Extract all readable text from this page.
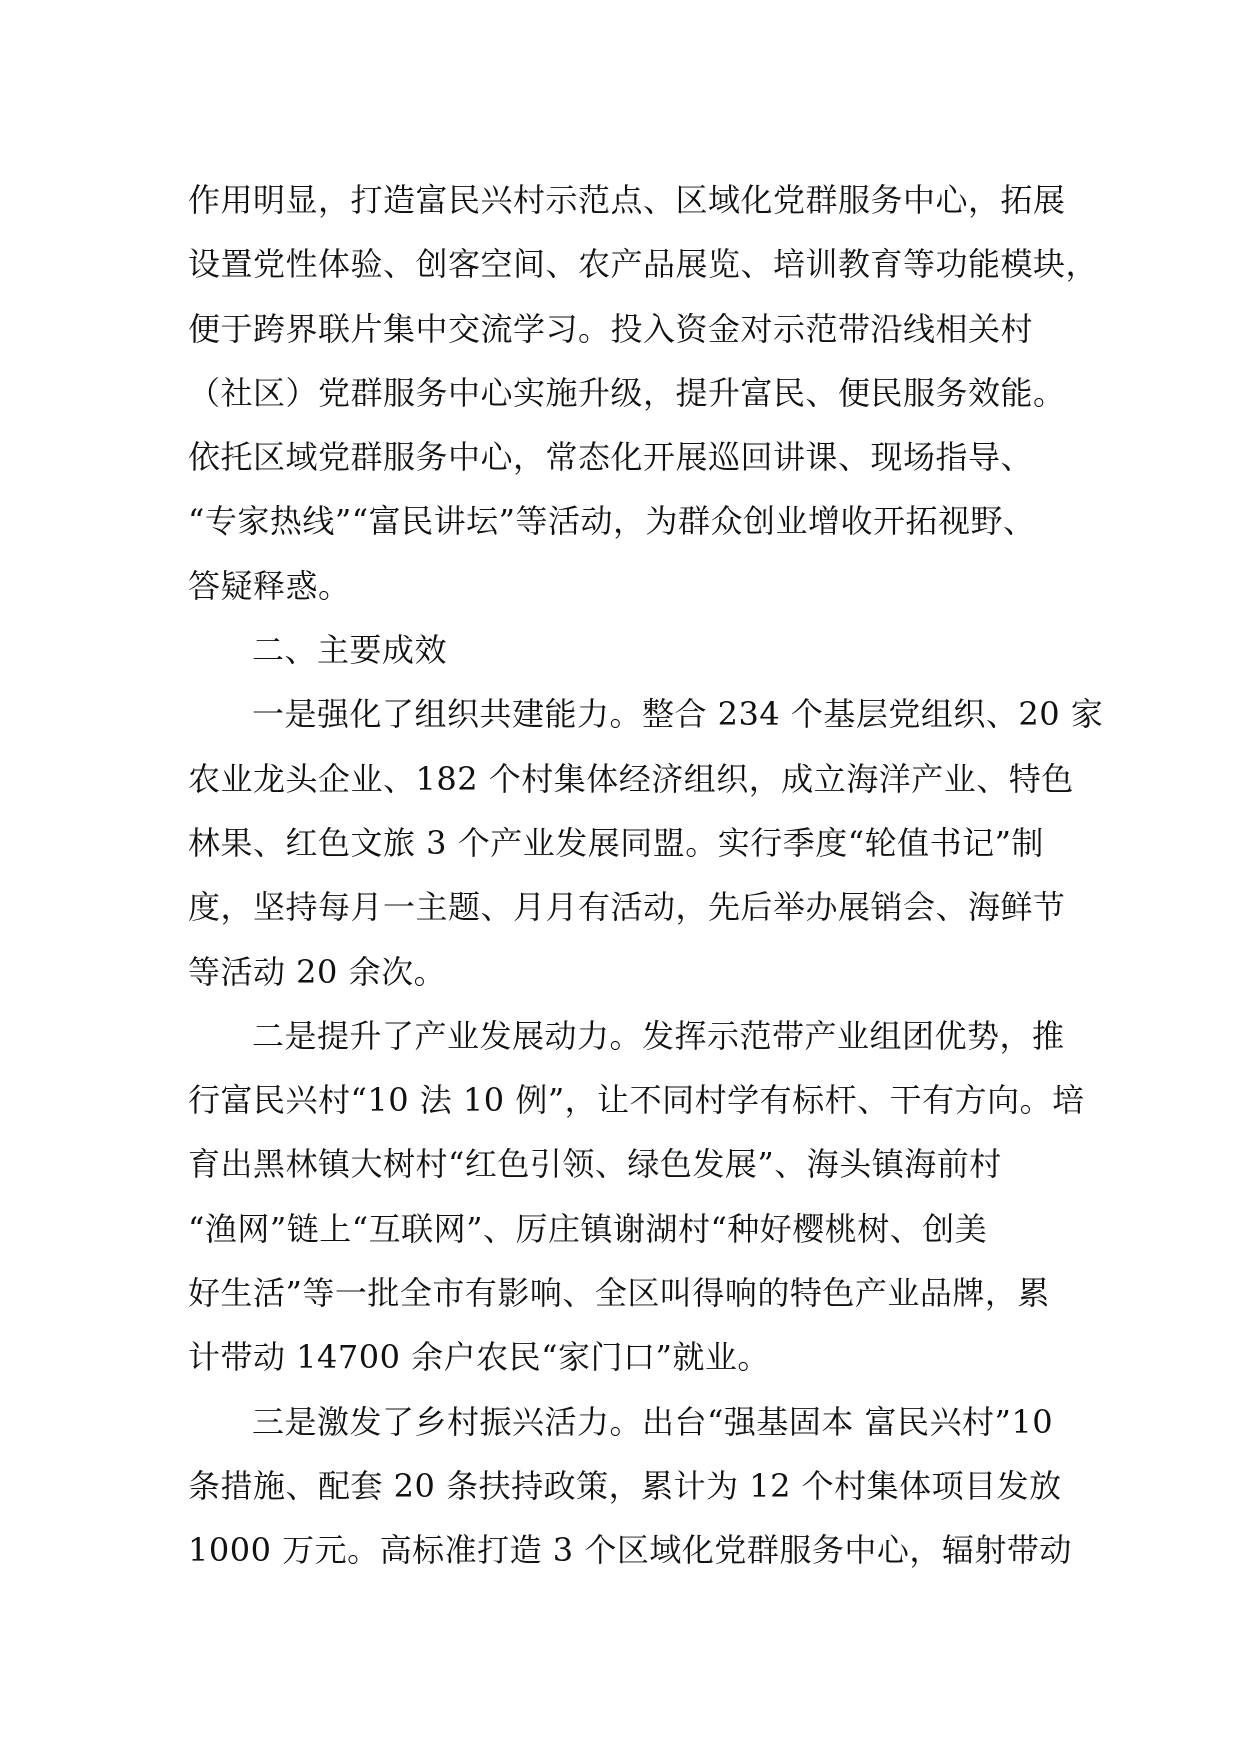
作用明显，打造富民兴村示范点、区域化党群服务中心，拓展
设置党性体验、创客空间、农产品展览、培训教育等功能模块，
便于跨界联片集中交流学习。投入资金对示范带沿线相关村
（社区）党群服务中心实施升级，提升富民、便民服务效能。
依托区域党群服务中心，常态化开展巡回讲课、现场指导、
“专家热线”“富民讲坛”等活动，为群众创业增收开拓视野、
答疑释惑。
二、主要成效
一是强化了组织共建能力。整合 234 个基层党组织、20 家
农业龙头企业、182 个村集体经济组织，成立海洋产业、特色
林果、红色文旅 3 个产业发展同盟。实行季度“轮值书记”制
度，坚持每月一主题、月月有活动，先后举办展销会、海鲜节
等活动 20 余次。
二是提升了产业发展动力。发挥示范带产业组团优势，推
行富民兴村“10 法 10 例”，让不同村学有标杆、干有方向。培
育出黑林镇大树村“红色引领、绿色发展”、海头镇海前村
“渔网”链上“互联网”、厉庄镇谢湖村“种好樱桃树、创美
好生活”等一批全市有影响、全区叫得响的特色产业品牌，累
计带动 14700 余户农民“家门口”就业。
三是激发了乡村振兴活力。出台“强基固本 富民兴村”10
条措施、配套 20 条扶持政策，累计为 12 个村集体项目发放
1000 万元。高标准打造 3 个区域化党群服务中心，辐射带动
